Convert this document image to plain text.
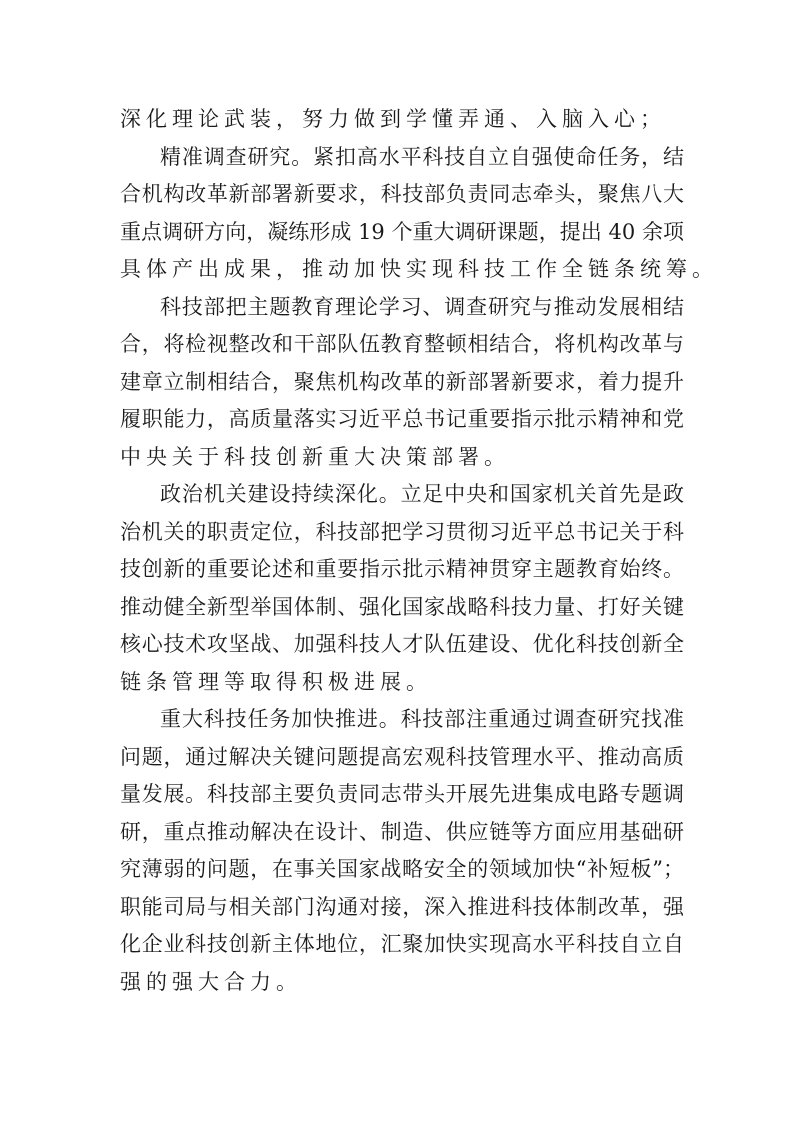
深化理论武装，努力做到学懂弄通、入脑入心；
精准调查研究。紧扣高水平科技自立自强使命任务，结
合机构改革新部署新要求，科技部负责同志牵头，聚焦八大
重点调研方向，凝练形成 19 个重大调研课题，提出 40 余项
具体产出成果，推动加快实现科技工作全链条统筹。
科技部把主题教育理论学习、调查研究与推动发展相结
合，将检视整改和干部队伍教育整顿相结合，将机构改革与
建章立制相结合，聚焦机构改革的新部署新要求，着力提升
履职能力，高质量落实习近平总书记重要指示批示精神和党
中央关于科技创新重大决策部署。
政治机关建设持续深化。立足中央和国家机关首先是政
治机关的职责定位，科技部把学习贯彻习近平总书记关于科
技创新的重要论述和重要指示批示精神贯穿主题教育始终。
推动健全新型举国体制、强化国家战略科技力量、打好关键
核心技术攻坚战、加强科技人才队伍建设、优化科技创新全
链条管理等取得积极进展。
重大科技任务加快推进。科技部注重通过调查研究找准
问题，通过解决关键问题提高宏观科技管理水平、推动高质
量发展。科技部主要负责同志带头开展先进集成电路专题调
研，重点推动解决在设计、制造、供应链等方面应用基础研
究薄弱的问题，在事关国家战略安全的领域加快“补短板”；
职能司局与相关部门沟通对接，深入推进科技体制改革，强
化企业科技创新主体地位，汇聚加快实现高水平科技自立自
强的强大合力。
